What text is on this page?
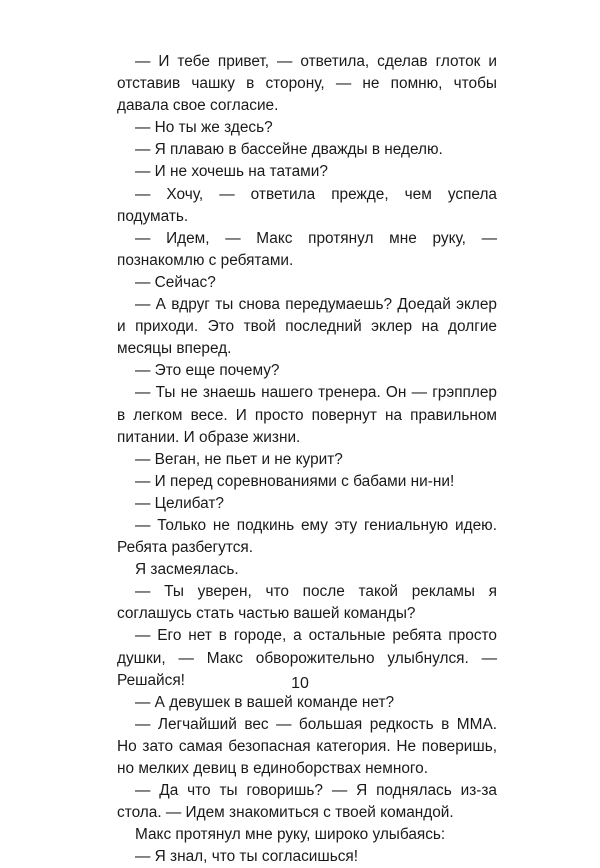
— И тебе привет, — ответила, сделав глоток и отставив чашку в сторону, — не помню, чтобы давала свое согласие.

— Но ты же здесь?

— Я плаваю в бассейне дважды в неделю.

— И не хочешь на татами?

— Хочу, — ответила прежде, чем успела подумать.

— Идем, — Макс протянул мне руку, — познакомлю с ребятами.

— Сейчас?

— А вдруг ты снова передумаешь? Доедай эклер и приходи. Это твой последний эклер на долгие месяцы вперед.

— Это еще почему?

— Ты не знаешь нашего тренера. Он — грэпплер в легком весе. И просто повернут на правильном питании. И образе жизни.

— Веган, не пьет и не курит?

— И перед соревнованиями с бабами ни-ни!

— Целибат?

— Только не подкинь ему эту гениальную идею. Ребята разбегутся.

Я засмеялась.

— Ты уверен, что после такой рекламы я соглашусь стать частью вашей команды?

— Его нет в городе, а остальные ребята просто душки, — Макс обворожительно улыбнулся. — Решайся!

— А девушек в вашей команде нет?

— Легчайший вес — большая редкость в ММА. Но зато самая безопасная категория. Не поверишь, но мелких девиц в единоборствах немного.

— Да что ты говоришь? — Я поднялась из-за стола. — Идем знакомиться с твоей командой.

Макс протянул мне руку, широко улыбаясь:

— Я знал, что ты согласишься!

10
